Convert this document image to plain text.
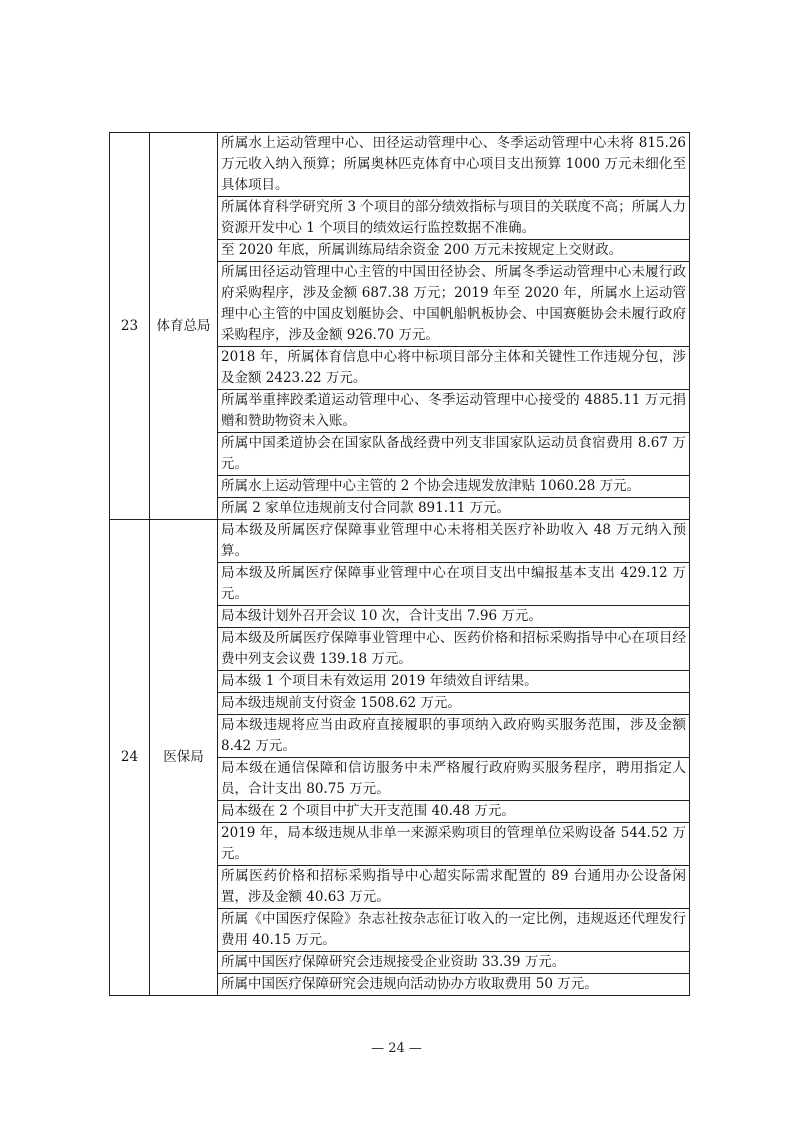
23	体育总局	所属水上运动管理中心、田径运动管理中心、冬季运动管理中心未将 815.26 万元收入纳入预算；所属奥林匹克体育中心项目支出预算 1000 万元未细化至具体项目。
		所属体育科学研究所 3 个项目的部分绩效指标与项目的关联度不高；所属人力资源开发中心 1 个项目的绩效运行监控数据不准确。
		至 2020 年底，所属训练局结余资金 200 万元未按规定上交财政。
		所属田径运动管理中心主管的中国田径协会、所属冬季运动管理中心未履行政府采购程序，涉及金额 687.38 万元；2019 年至 2020 年，所属水上运动管理中心主管的中国皮划艇协会、中国帆船帆板协会、中国赛艇协会未履行政府采购程序，涉及金额 926.70 万元。
		2018 年，所属体育信息中心将中标项目部分主体和关键性工作违规分包，涉及金额 2423.22 万元。
		所属举重摔跤柔道运动管理中心、冬季运动管理中心接受的 4885.11 万元捐赠和赞助物资未入账。
		所属中国柔道协会在国家队备战经费中列支非国家队运动员食宿费用 8.67 万元。
		所属水上运动管理中心主管的 2 个协会违规发放津贴 1060.28 万元。
		所属 2 家单位违规前支付合同款 891.11 万元。
24	医保局	局本级及所属医疗保障事业管理中心未将相关医疗补助收入 48 万元纳入预算。
		局本级及所属医疗保障事业管理中心在项目支出中编报基本支出 429.12 万元。
		局本级计划外召开会议 10 次，合计支出 7.96 万元。
		局本级及所属医疗保障事业管理中心、医药价格和招标采购指导中心在项目经费中列支会议费 139.18 万元。
		局本级 1 个项目未有效运用 2019 年绩效自评结果。
		局本级违规前支付资金 1508.62 万元。
		局本级违规将应当由政府直接履职的事项纳入政府购买服务范围，涉及金额 8.42 万元。
		局本级在通信保障和信访服务中未严格履行政府购买服务程序，聘用指定人员，合计支出 80.75 万元。
		局本级在 2 个项目中扩大开支范围 40.48 万元。
		2019 年，局本级违规从非单一来源采购项目的管理单位采购设备 544.52 万元。
		所属医药价格和招标采购指导中心超实际需求配置的 89 台通用办公设备闲置，涉及金额 40.63 万元。
		所属《中国医疗保险》杂志社按杂志征订收入的一定比例，违规返还代理发行费用 40.15 万元。
		所属中国医疗保障研究会违规接受企业资助 33.39 万元。
		所属中国医疗保障研究会违规向活动协办方收取费用 50 万元。
— 24 —
